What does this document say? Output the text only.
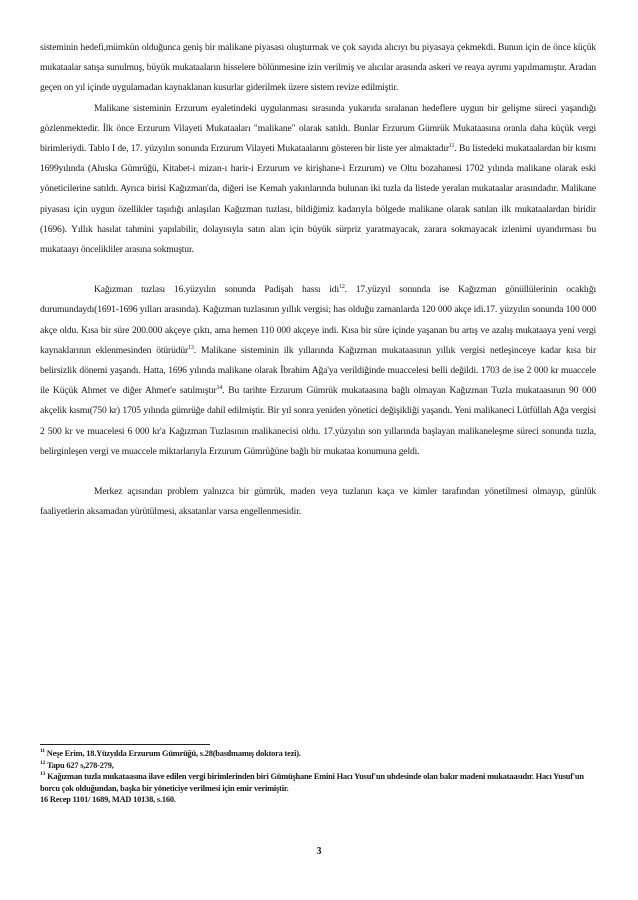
sisteminin hedefi,mümkün olduğunca geniş bir malikane piyasası oluşturmak ve çok sayıda alıcıyı bu piyasaya çekmekdi. Bunun için de önce küçük mukataalar satışa sunulmuş, büyük mukataaların hisselere bölünmesine izin verilmiş ve alıcılar arasında askeri ve reaya ayrımı yapılmamıştır. Aradan geçen on yıl içinde uygulamadan kaynaklanan kusurlar giderilmek üzere sistem revize edilmiştir.

Malikane sisteminin Erzurum eyaletindeki uygulanması sırasında yukarıda sıralanan hedeflere uygun bir gelişme süreci yaşandığı gözlenmektedir. İlk önce Erzurum Vilayeti Mukataaları "malikane" olarak satıldı. Bunlar Erzurum Gümrük Mukataasına oranla daha küçük vergi birimleriydi. Tablo I de, 17. yüzyılın sonunda Erzurum Vilayeti Mukataalarını gösteren bir liste yer almaktadır$^{11}$. Bu listedeki mukataalardan bir kısmı 1699yılında (Ahıska Gümrüğü, Kitabet-i mizan-ı harir-i Erzurum ve kirişhane-i Erzurum) ve Oltu bozahanesi 1702 yılında malikane olarak eski yöneticilerine satıldı. Ayrıca birisi Kağızman'da, diğeri ise Kemah yakınlarında bulunan iki tuzla da listede yeralan mukataalar arasındadır. Malikane piyasası için uygun özellikler taşıdığı anlaşılan Kağızman tuzlası, bildiğimiz kadarıyla bölgede malikane olarak satılan ilk mukataalardan biridir (1696). Yıllık hasılat tahmini yapılabilir, dolayısıyla satın alan için büyük sürpriz yaratmayacak, zarara sokmayacak izlenimi uyandırması bu mukataayı öncelikliler arasına sokmuştur.

Kağızman tuzlası 16.yüzyılın sonunda Padişah hassı idi$^{12}$. 17.yüzyıl sonunda ise Kağızman gönüllülerinin ocaklığı durumundaydı(1691-1696 yılları arasında). Kağızman tuzlasının yıllık vergisi; has olduğu zamanlarda 120 000 akçe idi.17. yüzyılın sonunda 100 000 akçe oldu. Kısa bir süre 200.000 akçeye çıktı, ama hemen 110 000 akçeye indi. Kısa bir süre içinde yaşanan bu artış ve azalış mukataaya yeni vergi kaynaklarının eklenmesinden ötürüdür$^{13}$. Malikane sisteminin ilk yıllarında Kağızman mukataasının yıllık vergisi netleşinceye kadar kısa bir belirsizlik dönemi yaşandı. Hatta, 1696 yılında malikane olarak İbrahim Ağa'ya verildiğinde muaccelesi belli değildi. 1703 de ise 2 000 kr muaccele ile Küçük Ahmet ve diğer Ahmet'e satılmıştır$^{14}$. Bu tarihte Erzurum Gümrük mukataasına bağlı olmayan Kağızman Tuzla mukataasının 90 000 akçelik kısmı(750 kr) 1705 yılında gümrüğe dahil edilmiştir. Bir yıl sonra yeniden yönetici değişikliği yaşandı. Yeni malikaneci Lütfüllah Ağa vergisi 2 500 kr ve muacelesi 6 000 kr'a Kağızman Tuzlasının malikanecisi oldu. 17.yüzyılın son yıllarında başlayan malikaneleşme süreci sonunda tuzla, belirginleşen vergi ve muaccele miktarlarıyla Erzurum Gümrüğüne bağlı bir mukataa konumuna geldi.

Merkez açısından problem yalnızca bir gümrük, maden veya tuzlanın kaça ve kimler tarafından yönetilmesi olmayıp, günlük faaliyetlerin aksamadan yürütülmesi, aksatanlar varsa engellenmesidir.

$^{11}$ Neşe Erim, 18.Yüzyılda Erzurum Gümrüğü, s.28(basılmamış doktora tezi).

$^{12}$ Tapu 627 s,278-279,

$^{13}$ Kağızman tuzla mukataasına ilave edilen vergi birimlerinden biri Gümüşhane Emini Hacı Yusuf'un uhdesinde olan bakır madeni mukataasıdır. Hacı Yusuf'un borcu çok olduğundan, başka bir yöneticiye verilmesi için emir verimiştir.

16 Recep 1101/ 1689, MAD 10138, s.160.

3
